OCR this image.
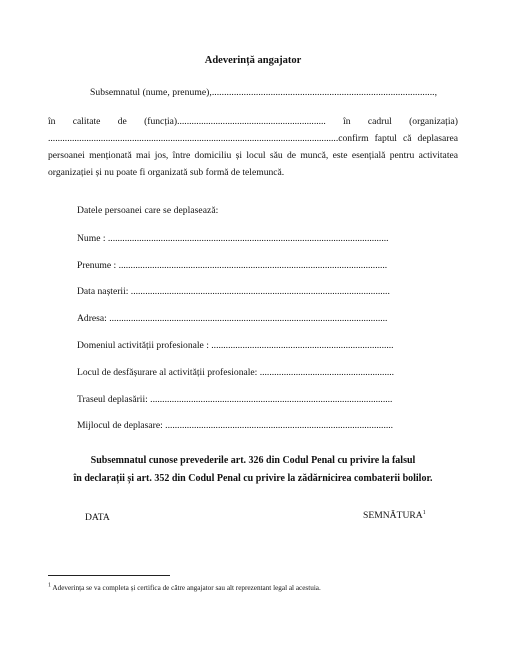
Adeverință angajator
Subsemnatul (nume, prenume),...........................................................................................,
în calitate de (funcția).............................................................. în cadrul (organizația)
.........................................................................................................................confirm faptul că deplasarea
persoanei menționată mai jos, între domiciliu și locul său de muncă, este esențială pentru activitatea
organizației și nu poate fi organizată sub formă de telemuncă.
Datele persoanei care se deplasează:
Nume : .....................................................................................................................
Prenume : ................................................................................................................
Data nașterii: ............................................................................................................
Adresa: ....................................................................................................................
Domeniul activității profesionale : ............................................................................
Locul de desfășurare al activității profesionale: ........................................................
Traseul deplasării: .....................................................................................................
Mijlocul de deplasare: ...............................................................................................
Subsemnatul cunose prevederile art. 326 din Codul Penal cu privire la falsul
în declarații și art. 352 din Codul Penal cu privire la zădărnicirea combaterii bolilor.
DATA	SEMNĂTURA$^1$
$^1$ Adeverința se va completa și certifica de către angajator sau alt reprezentant legal al acestuia.
